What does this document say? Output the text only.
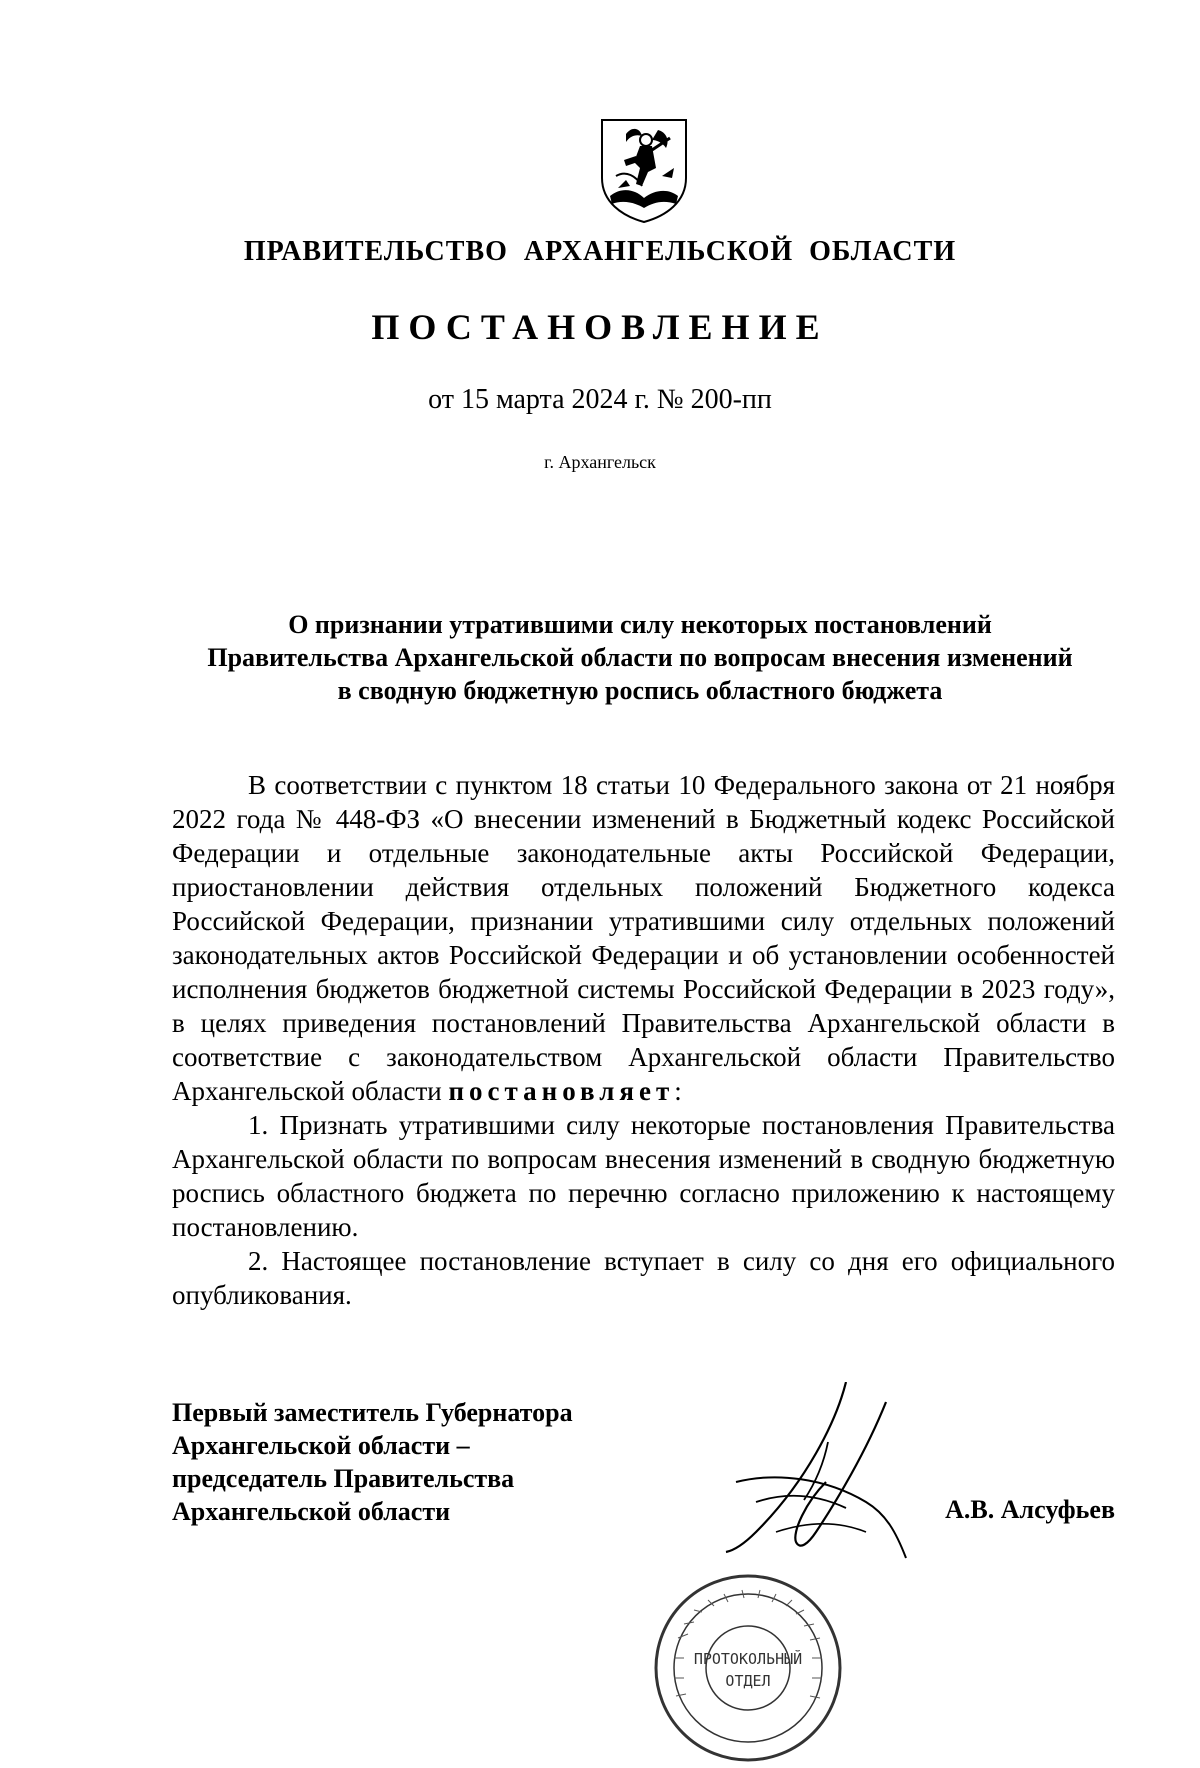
ПРАВИТЕЛЬСТВО АРХАНГЕЛЬСКОЙ ОБЛАСТИ
ПОСТАНОВЛЕНИЕ
от 15 марта 2024 г. № 200-пп
г. Архангельск
О признании утратившими силу некоторых постановлений
Правительства Архангельской области по вопросам внесения изменений
в сводную бюджетную роспись областного бюджета

В соответствии с пунктом 18 статьи 10 Федерального закона от 21 ноября 2022 года № 448-ФЗ «О внесении изменений в Бюджетный кодекс Российской Федерации и отдельные законодательные акты Российской Федерации, приостановлении действия отдельных положений Бюджетного кодекса Российской Федерации, признании утратившими силу отдельных положений законодательных актов Российской Федерации и об установлении особенностей исполнения бюджетов бюджетной системы Российской Федерации в 2023 году», в целях приведения постановлений Правительства Архангельской области в соответствие с законодательством Архангельской области Правительство Архангельской области постановляет:

1. Признать утратившими силу некоторые постановления Правительства Архангельской области по вопросам внесения изменений в сводную бюджетную роспись областного бюджета по перечню согласно приложению к настоящему постановлению.

2. Настоящее постановление вступает в силу со дня его официального опубликования.

Первый заместитель Губернатора
Архангельской области –
председатель Правительства
Архангельской области	А.В. Алсуфьев
ПРОТОКОЛЬНЫЙ
ОТДЕЛ
